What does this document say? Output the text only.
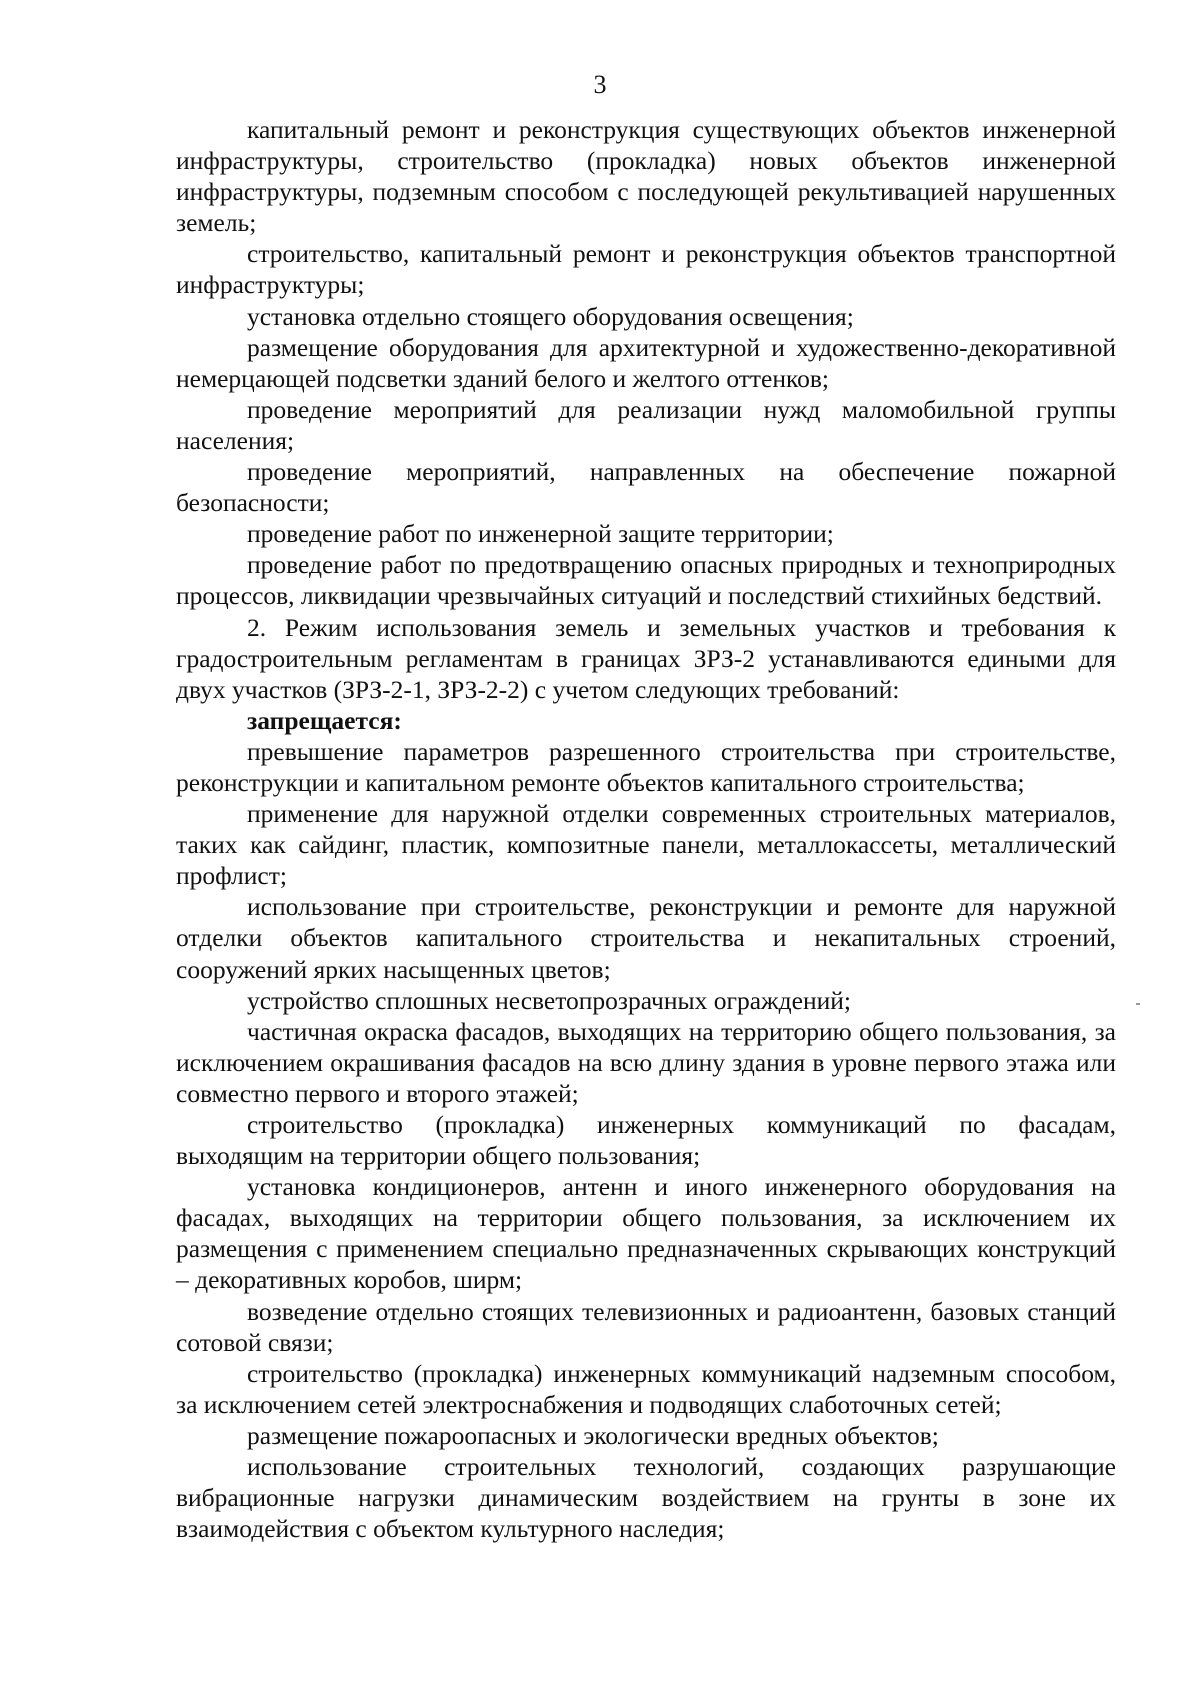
3

капитальный ремонт и реконструкция существующих объектов инженерной инфраструктуры, строительство (прокладка) новых объектов инженерной инфраструктуры, подземным способом с последующей рекультивацией нарушенных земель;

строительство, капитальный ремонт и реконструкция объектов транспортной инфраструктуры;

установка отдельно стоящего оборудования освещения;

размещение оборудования для архитектурной и художественно-декоративной немерцающей подсветки зданий белого и желтого оттенков;

проведение мероприятий для реализации нужд маломобильной группы населения;

проведение мероприятий, направленных на обеспечение пожарной безопасности;

проведение работ по инженерной защите территории;

проведение работ по предотвращению опасных природных и техноприродных процессов, ликвидации чрезвычайных ситуаций и последствий стихийных бедствий.

2. Режим использования земель и земельных участков и требования к градостроительным регламентам в границах ЗРЗ-2 устанавливаются едиными для двух участков (ЗРЗ-2-1, ЗРЗ-2-2) с учетом следующих требований:

запрещается:

превышение параметров разрешенного строительства при строительстве, реконструкции и капитальном ремонте объектов капитального строительства;

применение для наружной отделки современных строительных материалов, таких как сайдинг, пластик, композитные панели, металлокассеты, металлический профлист;

использование при строительстве, реконструкции и ремонте для наружной отделки объектов капитального строительства и некапитальных строений, сооружений ярких насыщенных цветов;

устройство сплошных несветопрозрачных ограждений;

частичная окраска фасадов, выходящих на территорию общего пользования, за исключением окрашивания фасадов на всю длину здания в уровне первого этажа или совместно первого и второго этажей;

строительство (прокладка) инженерных коммуникаций по фасадам, выходящим на территории общего пользования;

установка кондиционеров, антенн и иного инженерного оборудования на фасадах, выходящих на территории общего пользования, за исключением их размещения с применением специально предназначенных скрывающих конструкций – декоративных коробов, ширм;

возведение отдельно стоящих телевизионных и радиоантенн, базовых станций сотовой связи;

строительство (прокладка) инженерных коммуникаций надземным способом, за исключением сетей электроснабжения и подводящих слаботочных сетей;

размещение пожароопасных и экологически вредных объектов;

использование строительных технологий, создающих разрушающие вибрационные нагрузки динамическим воздействием на грунты в зоне их взаимодействия с объектом культурного наследия;
